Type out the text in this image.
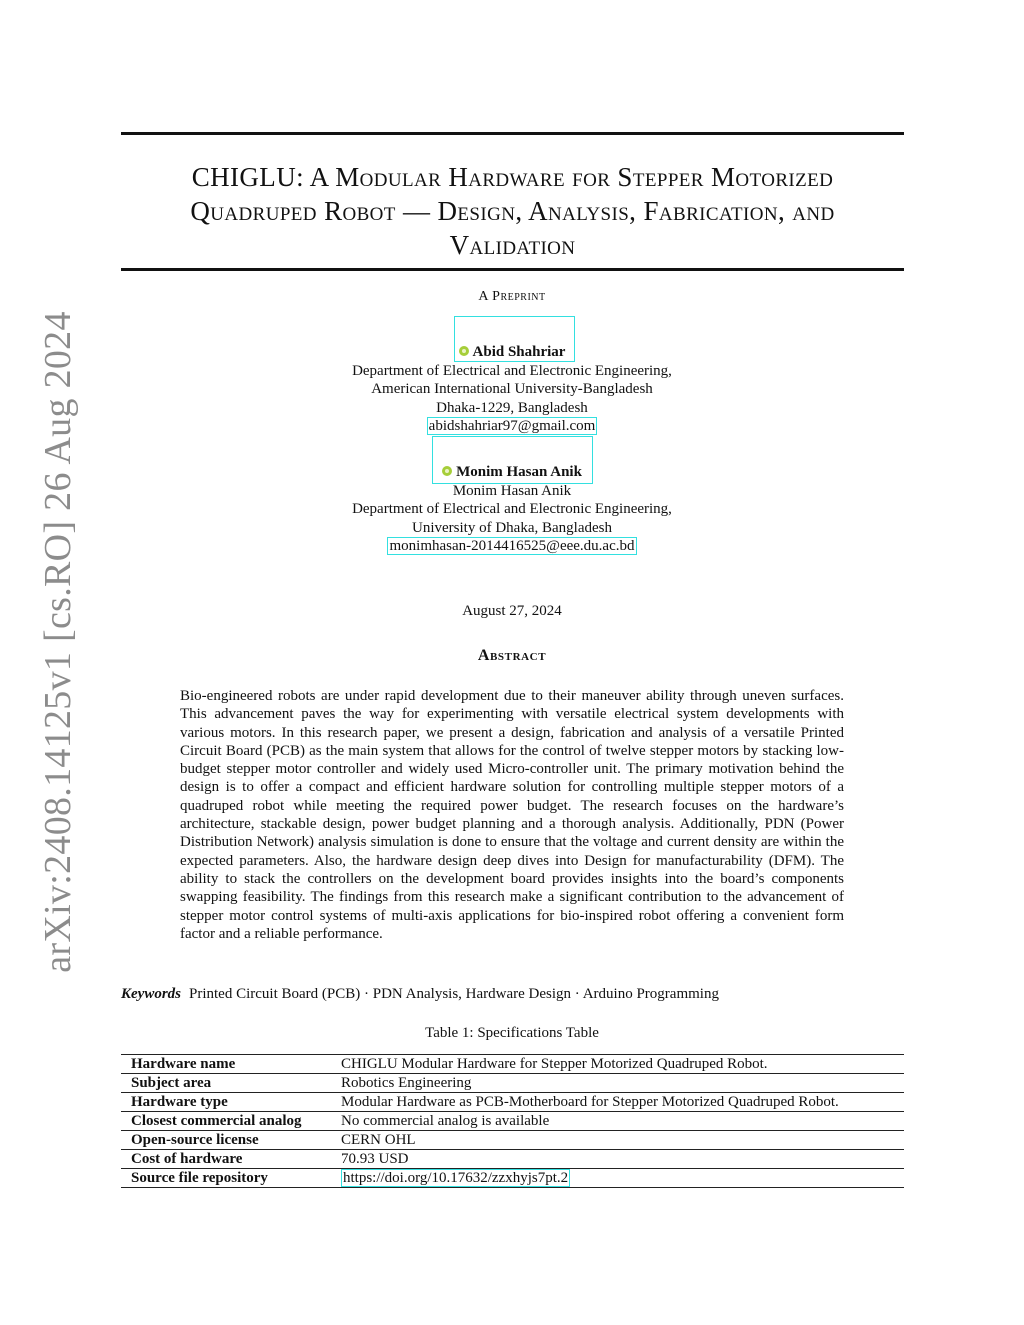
arXiv:2408.14125v1 [cs.RO] 26 Aug 2024
CHIGLU: A Modular Hardware for Stepper Motorized
Quadruped Robot — Design, Analysis, Fabrication, and
Validation
A Preprint
Abid Shahriar
Department of Electrical and Electronic Engineering,
American International University-Bangladesh
Dhaka-1229, Bangladesh
abidshahriar97@gmail.com
Monim Hasan Anik
Monim Hasan Anik
Department of Electrical and Electronic Engineering,
University of Dhaka, Bangladesh
monimhasan-2014416525@eee.du.ac.bd
August 27, 2024
Abstract
Bio-engineered robots are under rapid development due to their maneuver ability through uneven surfaces. This advancement paves the way for experimenting with versatile electrical system developments with various motors. In this research paper, we present a design, fabrication and analysis of a versatile Printed Circuit Board (PCB) as the main system that allows for the control of twelve stepper motors by stacking low-budget stepper motor controller and widely used Micro-controller unit. The primary motivation behind the design is to offer a compact and efficient hardware solution for controlling multiple stepper motors of a quadruped robot while meeting the required power budget. The research focuses on the hardware’s architecture, stackable design, power budget planning and a thorough analysis. Additionally, PDN (Power Distribution Network) analysis simulation is done to ensure that the voltage and current density are within the expected parameters. Also, the hardware design deep dives into Design for manufacturability (DFM). The ability to stack the controllers on the development board provides insights into the board’s components swapping feasibility. The findings from this research make a significant contribution to the advancement of stepper motor control systems of multi-axis applications for bio-inspired robot offering a convenient form factor and a reliable performance.
Keywords Printed Circuit Board (PCB) · PDN Analysis, Hardware Design · Arduino Programming
Table 1: Specifications Table
Hardware name	CHIGLU Modular Hardware for Stepper Motorized Quadruped Robot.
Subject area	Robotics Engineering
Hardware type	Modular Hardware as PCB-Motherboard for Stepper Motorized Quadruped Robot.
Closest commercial analog	No commercial analog is available
Open-source license	CERN OHL
Cost of hardware	70.93 USD
Source file repository	https://doi.org/10.17632/zzxhyjs7pt.2
